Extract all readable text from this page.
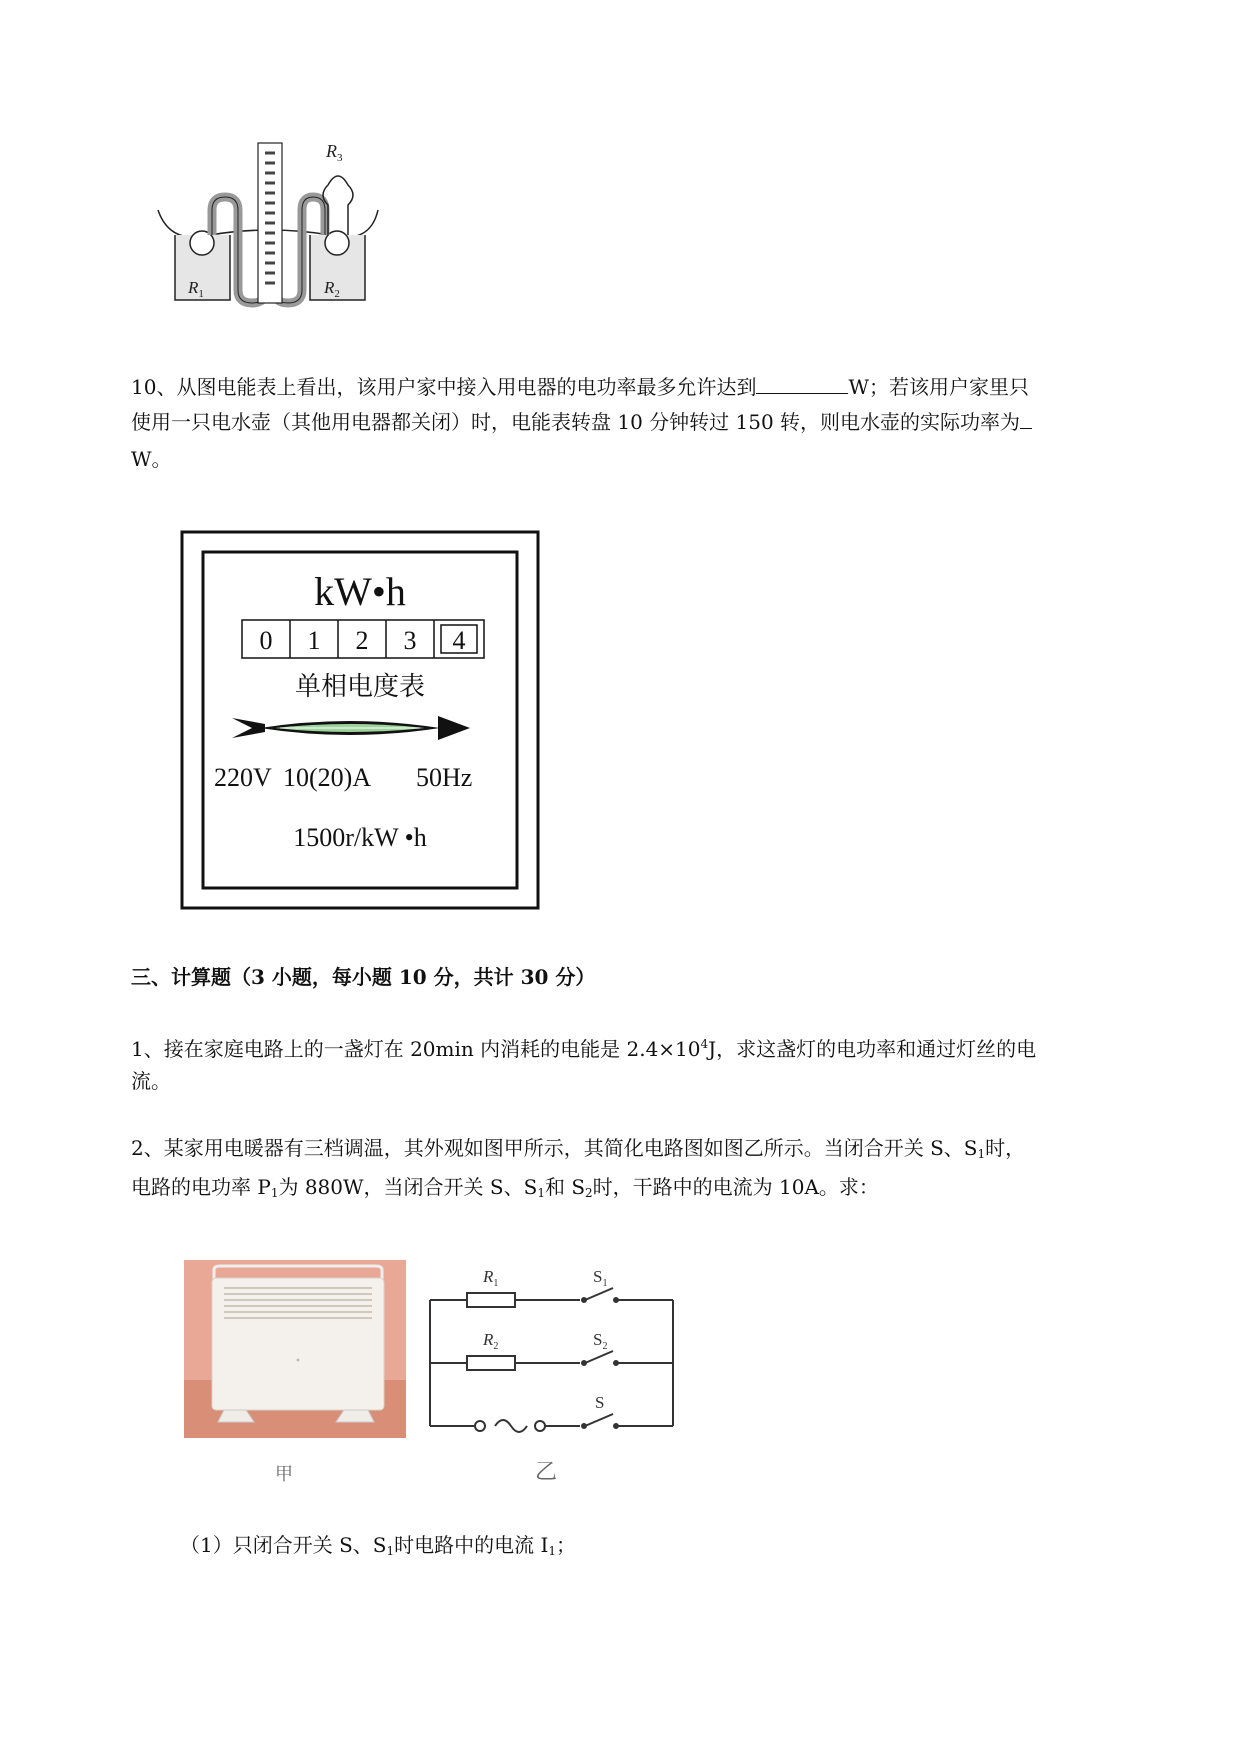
$R_1$	$R_2$
$R_3$
10、从图电能表上看出，该用户家中接入用电器的电功率最多允许达到	W；若该用户家里只
使用一只电水壶（其他用电器都关闭）时，电能表转盘 10 分钟转过 150 转，则电水壶的实际功率为
W。
kW•h
0 1 2 3 4
单相电度表
220V 10(20)A 50Hz
1500r/kW •h
三、计算题（3 小题，每小题 10 分，共计 30 分）
1、接在家庭电路上的一盏灯在 20min 内消耗的电能是 $2.4\times 10^4J$，求这盏灯的电功率和通过灯丝的电
流。
2、某家用电暖器有三档调温，其外观如图甲所示，其简化电路图如图乙所示。当闭合开关 S、$S_1$时，
电路的电功率 $P_1$为 880W，当闭合开关 S、$S_1$和 $S_2$时，干路中的电流为 10A。求：
甲
$R_1$
$R_2$
$S_1$
$S_2$
S
乙
（1）只闭合开关 S、$S_1$时电路中的电流 $I_1$；
